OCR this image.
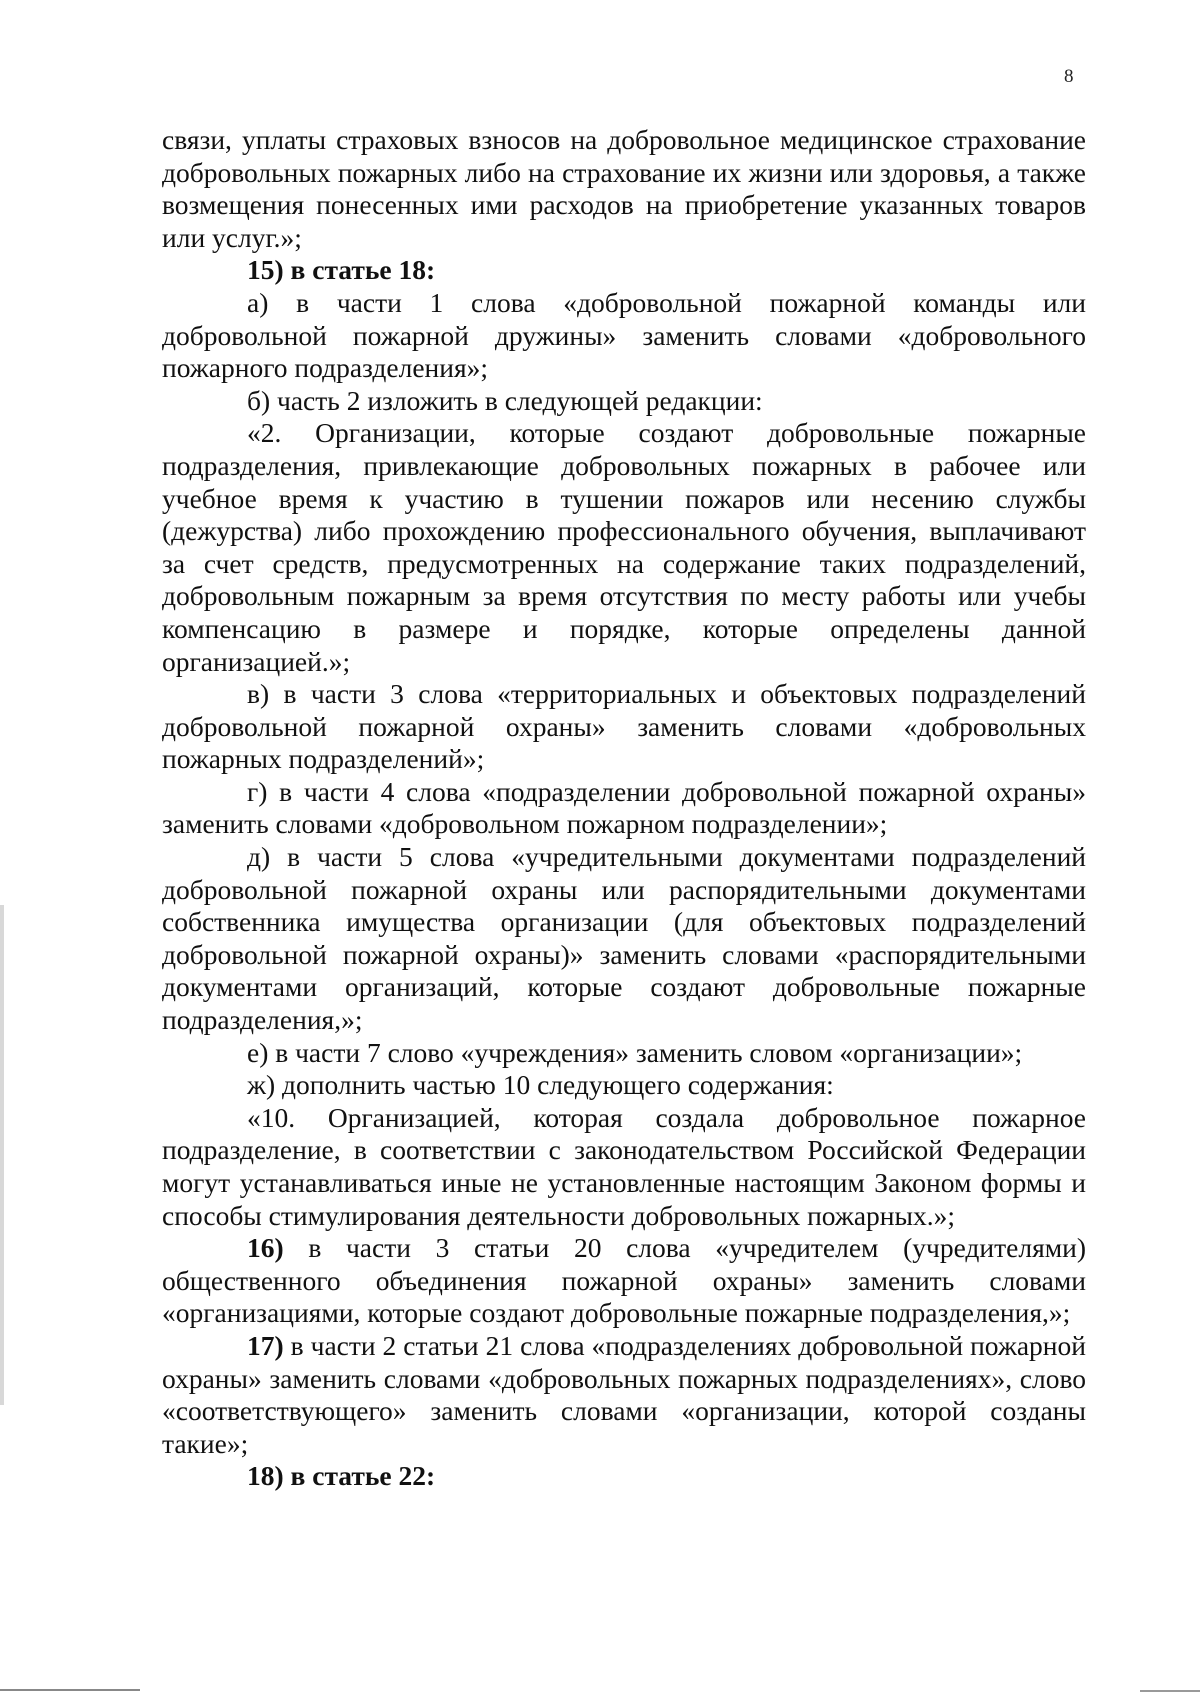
8

связи, уплаты страховых взносов на добровольное медицинское страхование добровольных пожарных либо на страхование их жизни или здоровья, а также возмещения понесенных ими расходов на приобретение указанных товаров или услуг.»;

15) в статье 18:

а) в части 1 слова «добровольной пожарной команды или добровольной пожарной дружины» заменить словами «добровольного пожарного подразделения»;

б) часть 2 изложить в следующей редакции:

«2. Организации, которые создают добровольные пожарные подразделения, привлекающие добровольных пожарных в рабочее или учебное время к участию в тушении пожаров или несению службы (дежурства) либо прохождению профессионального обучения, выплачивают за счет средств, предусмотренных на содержание таких подразделений, добровольным пожарным за время отсутствия по месту работы или учебы компенсацию в размере и порядке, которые определены данной организацией.»;

в) в части 3 слова «территориальных и объектовых подразделений добровольной пожарной охраны» заменить словами «добровольных пожарных подразделений»;

г) в части 4 слова «подразделении добровольной пожарной охраны» заменить словами «добровольном пожарном подразделении»;

д) в части 5 слова «учредительными документами подразделений добровольной пожарной охраны или распорядительными документами собственника имущества организации (для объектовых подразделений добровольной пожарной охраны)» заменить словами «распорядительными документами организаций, которые создают добровольные пожарные подразделения,»;

е) в части 7 слово «учреждения» заменить словом «организации»;

ж) дополнить частью 10 следующего содержания:

«10. Организацией, которая создала добровольное пожарное подразделение, в соответствии с законодательством Российской Федерации могут устанавливаться иные не установленные настоящим Законом формы и способы стимулирования деятельности добровольных пожарных.»;

16) в части 3 статьи 20 слова «учредителем (учредителями) общественного объединения пожарной охраны» заменить словами «организациями, которые создают добровольные пожарные подразделения,»;

17) в части 2 статьи 21 слова «подразделениях добровольной пожарной охраны» заменить словами «добровольных пожарных подразделениях», слово «соответствующего» заменить словами «организации, которой созданы такие»;

18) в статье 22:
